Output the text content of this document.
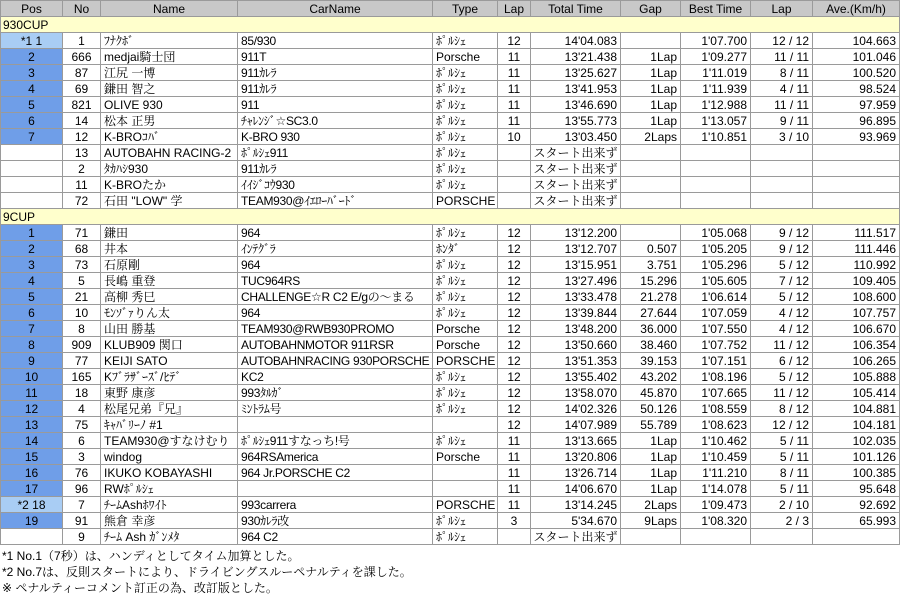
Pos	No	Name	CarName	Type	Lap	Total Time	Gap	Best Time	Lap	Ave.(Km/h)
930CUP										
*1 1	1	ﾌﾅｸﾎﾞ	85/930	ﾎﾟﾙｼｪ	12	14'04.083		1'07.700	12 / 12	104.663
2	666	medjai騎士団	911T	Porsche	11	13'21.438	1Lap	1'09.277	11 / 11	101.046
3	87	江尻 一博	911ｶﾚﾗ	ﾎﾟﾙｼｪ	11	13'25.627	1Lap	1'11.019	8 / 11	100.520
4	69	鎌田 智之	911ｶﾚﾗ	ﾎﾟﾙｼｪ	11	13'41.953	1Lap	1'11.939	4 / 11	98.524
5	821	OLIVE 930	911	ﾎﾟﾙｼｪ	11	13'46.690	1Lap	1'12.988	11 / 11	97.959
6	14	松本 正男	ﾁｬﾚﾝｼﾞ☆SC3.0	ﾎﾟﾙｼｪ	11	13'55.773	1Lap	1'13.057	9 / 11	96.895
7	12	K-BROｺﾊﾞ	K-BRO 930	ﾎﾟﾙｼｪ	10	13'03.450	2Laps	1'10.851	3 / 10	93.969
	13	AUTOBAHN RACING-2	ﾎﾟﾙｼｪ911	ﾎﾟﾙｼｪ		スタート出来ず				
	2	ﾀｶﾊｼ930	911ｶﾚﾗ	ﾎﾟﾙｼｪ		スタート出来ず				
	11	K-BROたか	ｲｲｼﾞｺｳ930	ﾎﾟﾙｼｪ		スタート出来ず				
	72	石田 "LOW" 学	TEAM930@ｲｴﾛｰﾊﾞｰﾄﾞ	PORSCHE		スタート出来ず				
9CUP										
1	71	鎌田	964	ﾎﾟﾙｼｪ	12	13'12.200		1'05.068	9 / 12	111.517
2	68	井本	ｲﾝﾃｸﾞﾗ	ﾎﾝﾀﾞ	12	13'12.707	0.507	1'05.205	9 / 12	111.446
3	73	石原剛	964	ﾎﾟﾙｼｪ	12	13'15.951	3.751	1'05.296	5 / 12	110.992
4	5	長嶋 重登	TUC964RS	ﾎﾟﾙｼｪ	12	13'27.496	15.296	1'05.605	7 / 12	109.405
5	21	高柳 秀巳	CHALLENGE☆R C2 E/gの～まる	ﾎﾟﾙｼｪ	12	13'33.478	21.278	1'06.614	5 / 12	108.600
6	10	ﾓﾝｿﾞｧりん太	964	ﾎﾟﾙｼｪ	12	13'39.844	27.644	1'07.059	4 / 12	107.757
7	8	山田 勝基	TEAM930@RWB930PROMO	Porsche	12	13'48.200	36.000	1'07.550	4 / 12	106.670
8	909	KLUB909 関口	AUTOBAHNMOTOR 911RSR	Porsche	12	13'50.660	38.460	1'07.752	11 / 12	106.354
9	77	KEIJI SATO	AUTOBAHNRACING 930PORSCHE	PORSCHE	12	13'51.353	39.153	1'07.151	6 / 12	106.265
10	165	Kﾌﾞﾗｻﾞｰｽﾞ/ﾋﾃﾞ	KC2	ﾎﾟﾙｼｪ	12	13'55.402	43.202	1'08.196	5 / 12	105.888
11	18	東野 康彦	993ﾀﾙｶﾞ	ﾎﾟﾙｼｪ	12	13'58.070	45.870	1'07.665	11 / 12	105.414
12	4	松尾兄弟『兄』	ﾐﾝﾄﾗﾑ号	ﾎﾟﾙｼｪ	12	14'02.326	50.126	1'08.559	8 / 12	104.881
13	75	ｷｬﾊﾞﾘｰﾉ #1			12	14'07.989	55.789	1'08.623	12 / 12	104.181
14	6	TEAM930@すなけむり	ﾎﾟﾙｼｪ911すなっち!号	ﾎﾟﾙｼｪ	11	13'13.665	1Lap	1'10.462	5 / 11	102.035
15	3	windog	964RSAmerica	Porsche	11	13'20.806	1Lap	1'10.459	5 / 11	101.126
16	76	IKUKO KOBAYASHI	964 Jr.PORSCHE C2		11	13'26.714	1Lap	1'11.210	8 / 11	100.385
17	96	RWﾎﾟﾙｼｪ			11	14'06.670	1Lap	1'14.078	5 / 11	95.648
*2 18	7	ﾁｰﾑAshﾎﾜｲﾄ	993carrera	PORSCHE	11	13'14.245	2Laps	1'09.473	2 / 10	92.692
19	91	熊倉 幸彦	930ｶﾚﾗ改	ﾎﾟﾙｼｪ	3	5'34.670	9Laps	1'08.320	2 / 3	65.993
	9	ﾁｰﾑ Ash ｶﾞﾝﾒﾀ	964 C2	ﾎﾟﾙｼｪ		スタート出来ず				
*1 No.1（7秒）は、ハンディとしてタイム加算とした。
*2 No.7は、反則スタートにより、ドライビングスルーペナルティを課した。
※ ペナルティーコメント訂正の為、改訂版とした。
